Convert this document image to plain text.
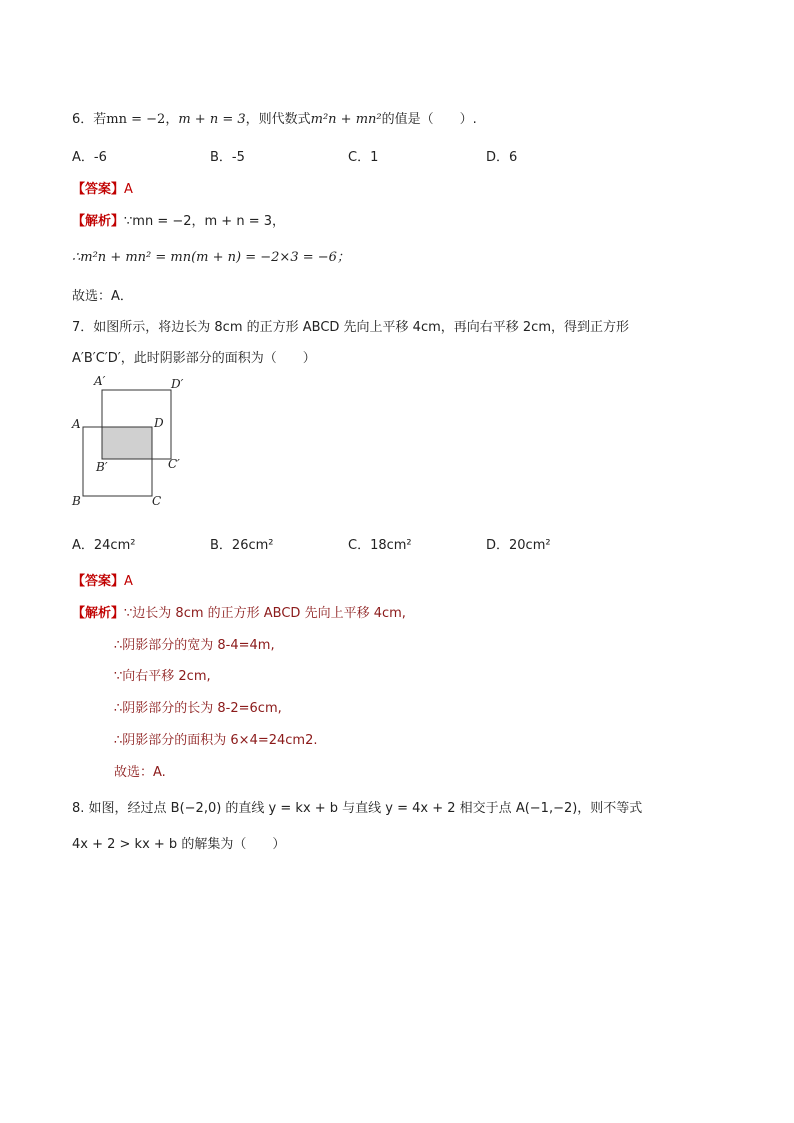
6．若mn = −2，m + n = 3，则代数式m²n + mn²的值是（　　）.
A．-6	B．-5	C．1	D．6
【答案】A
【解析】∵mn = −2，m + n = 3，
∴m²n + mn² = mn(m + n) = −2×3 = −6；
故选：A．
7．如图所示，将边长为 8cm 的正方形 ABCD 先向上平移 4cm，再向右平移 2cm，得到正方形
A′B′C′D′，此时阴影部分的面积为（　　）
A′	D′
A	D
B′	C′
B	C
A．24cm²	B．26cm²	C．18cm²	D．20cm²
【答案】A
【解析】∵边长为 8cm 的正方形 ABCD 先向上平移 4cm,
∴阴影部分的宽为 8-4=4m,
∵向右平移 2cm,
∴阴影部分的长为 8-2=6cm,
∴阴影部分的面积为 6×4=24cm2.
故选：A.
8. 如图，经过点 B(−2,0) 的直线 y = kx + b 与直线 y = 4x + 2 相交于点 A(−1,−2)，则不等式
4x + 2 > kx + b 的解集为（　　）
